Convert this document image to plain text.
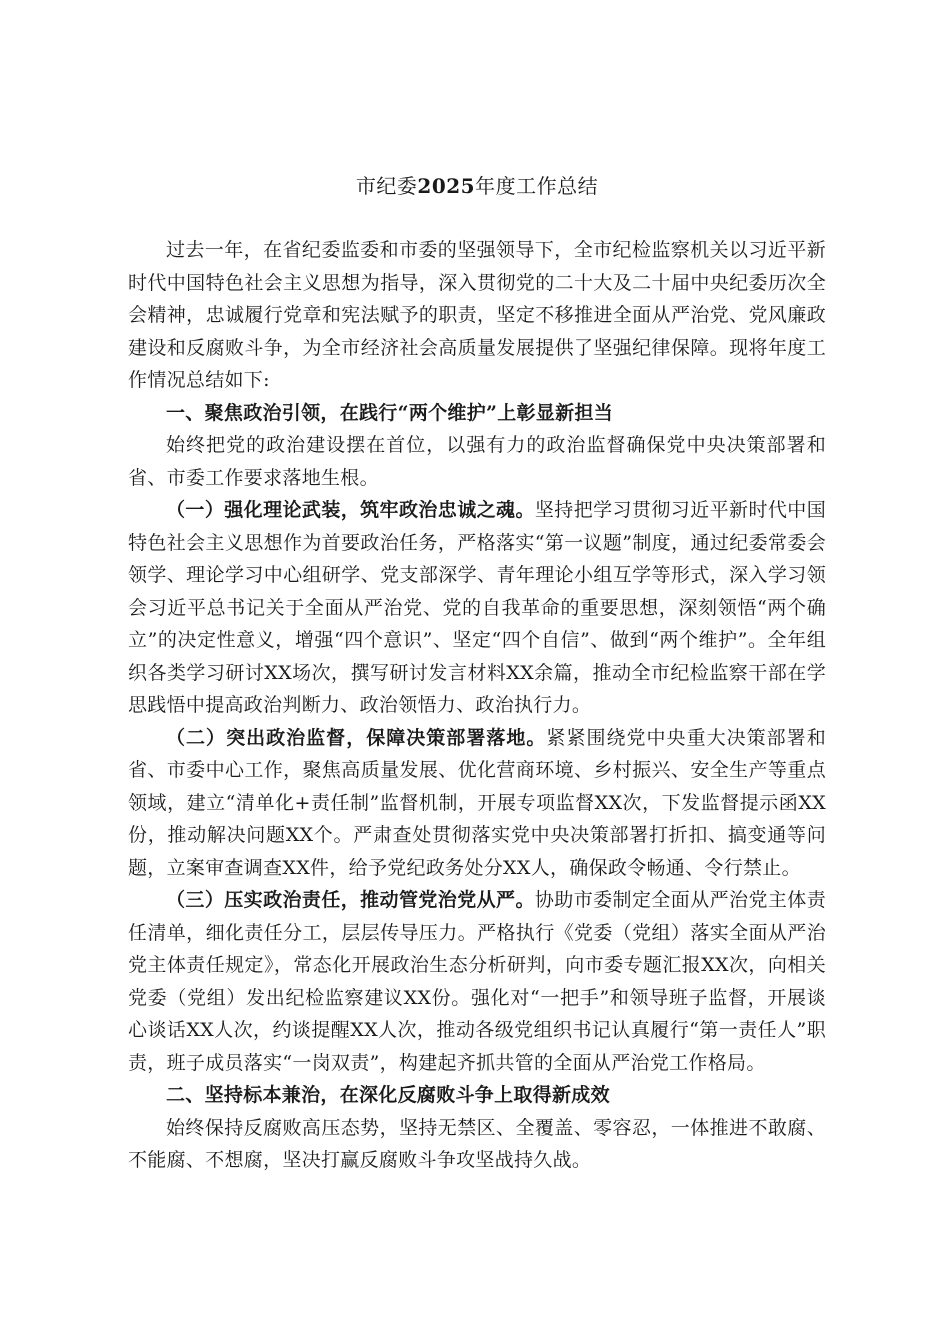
市纪委2025年度工作总结

过去一年，在省纪委监委和市委的坚强领导下，全市纪检监察机关以习近平新时代中国特色社会主义思想为指导，深入贯彻党的二十大及二十届中央纪委历次全会精神，忠诚履行党章和宪法赋予的职责，坚定不移推进全面从严治党、党风廉政建设和反腐败斗争，为全市经济社会高质量发展提供了坚强纪律保障。现将年度工作情况总结如下:

一、聚焦政治引领，在践行“两个维护”上彰显新担当

始终把党的政治建设摆在首位，以强有力的政治监督确保党中央决策部署和省、市委工作要求落地生根。

（一）强化理论武装，筑牢政治忠诚之魂。坚持把学习贯彻习近平新时代中国特色社会主义思想作为首要政治任务，严格落实“第一议题”制度，通过纪委常委会领学、理论学习中心组研学、党支部深学、青年理论小组互学等形式，深入学习领会习近平总书记关于全面从严治党、党的自我革命的重要思想，深刻领悟“两个确立”的决定性意义，增强“四个意识”、坚定“四个自信”、做到“两个维护”。全年组织各类学习研讨XX场次，撰写研讨发言材料XX余篇，推动全市纪检监察干部在学思践悟中提高政治判断力、政治领悟力、政治执行力。

（二）突出政治监督，保障决策部署落地。紧紧围绕党中央重大决策部署和省、市委中心工作，聚焦高质量发展、优化营商环境、乡村振兴、安全生产等重点领域，建立“清单化+责任制”监督机制，开展专项监督XX次，下发监督提示函XX份，推动解决问题XX个。严肃查处贯彻落实党中央决策部署打折扣、搞变通等问题，立案审查调查XX件，给予党纪政务处分XX人，确保政令畅通、令行禁止。

（三）压实政治责任，推动管党治党从严。协助市委制定全面从严治党主体责任清单，细化责任分工，层层传导压力。严格执行《党委（党组）落实全面从严治党主体责任规定》，常态化开展政治生态分析研判，向市委专题汇报XX次，向相关党委（党组）发出纪检监察建议XX份。强化对“一把手”和领导班子监督，开展谈心谈话XX人次，约谈提醒XX人次，推动各级党组织书记认真履行“第一责任人”职责，班子成员落实“一岗双责”，构建起齐抓共管的全面从严治党工作格局。

二、坚持标本兼治，在深化反腐败斗争上取得新成效

始终保持反腐败高压态势，坚持无禁区、全覆盖、零容忍，一体推进不敢腐、不能腐、不想腐，坚决打赢反腐败斗争攻坚战持久战。
